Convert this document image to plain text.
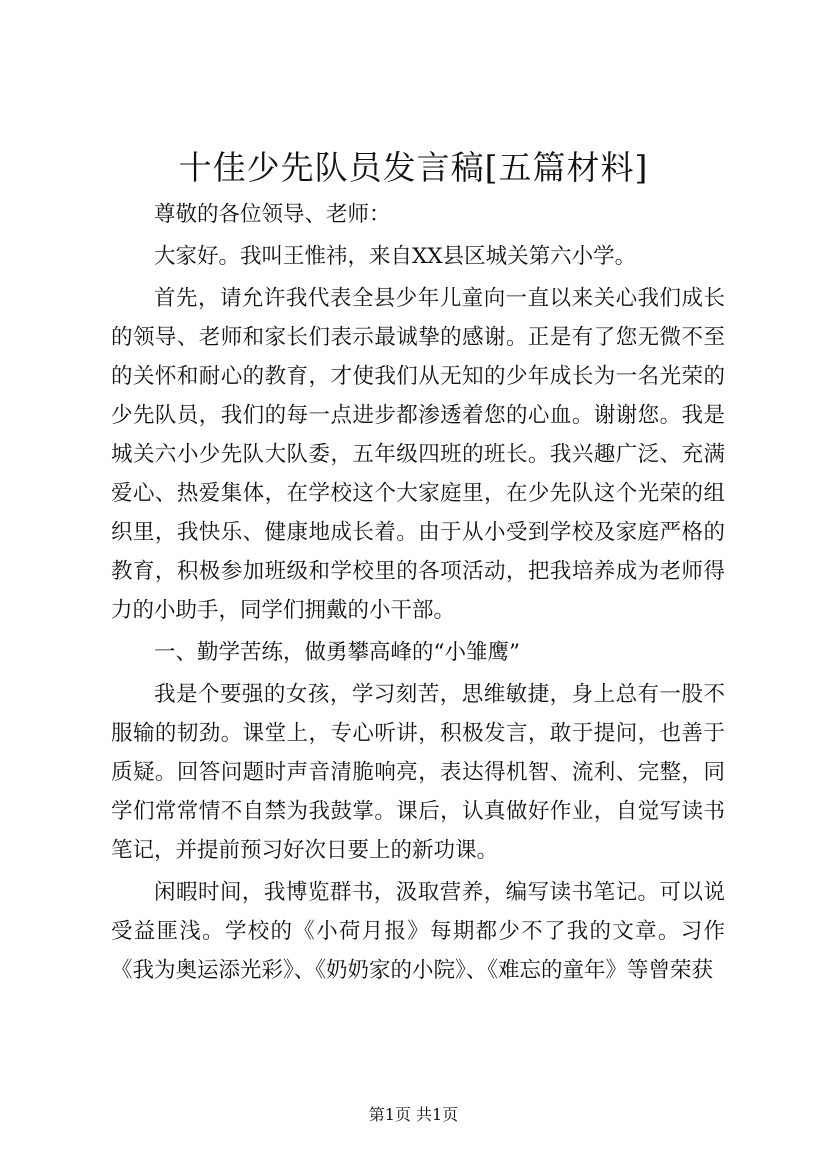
十佳少先队员发言稿[五篇材料]

尊敬的各位领导、老师：

大家好。我叫王惟祎，来自XX县区城关第六小学。

首先，请允许我代表全县少年儿童向一直以来关心我们成长的领导、老师和家长们表示最诚挚的感谢。正是有了您无微不至的关怀和耐心的教育，才使我们从无知的少年成长为一名光荣的少先队员，我们的每一点进步都渗透着您的心血。谢谢您。我是城关六小少先队大队委，五年级四班的班长。我兴趣广泛、充满爱心、热爱集体，在学校这个大家庭里，在少先队这个光荣的组织里，我快乐、健康地成长着。由于从小受到学校及家庭严格的教育，积极参加班级和学校里的各项活动，把我培养成为老师得力的小助手，同学们拥戴的小干部。

一、勤学苦练，做勇攀高峰的“小雏鹰”

我是个要强的女孩，学习刻苦，思维敏捷，身上总有一股不服输的韧劲。课堂上，专心听讲，积极发言，敢于提问，也善于质疑。回答问题时声音清脆响亮，表达得机智、流利、完整，同学们常常情不自禁为我鼓掌。课后，认真做好作业，自觉写读书笔记，并提前预习好次日要上的新功课。

闲暇时间，我博览群书，汲取营养，编写读书笔记。可以说受益匪浅。学校的《小荷月报》每期都少不了我的文章。习作《我为奥运添光彩》、《奶奶家的小院》、《难忘的童年》等曾荣获

第1页 共1页
